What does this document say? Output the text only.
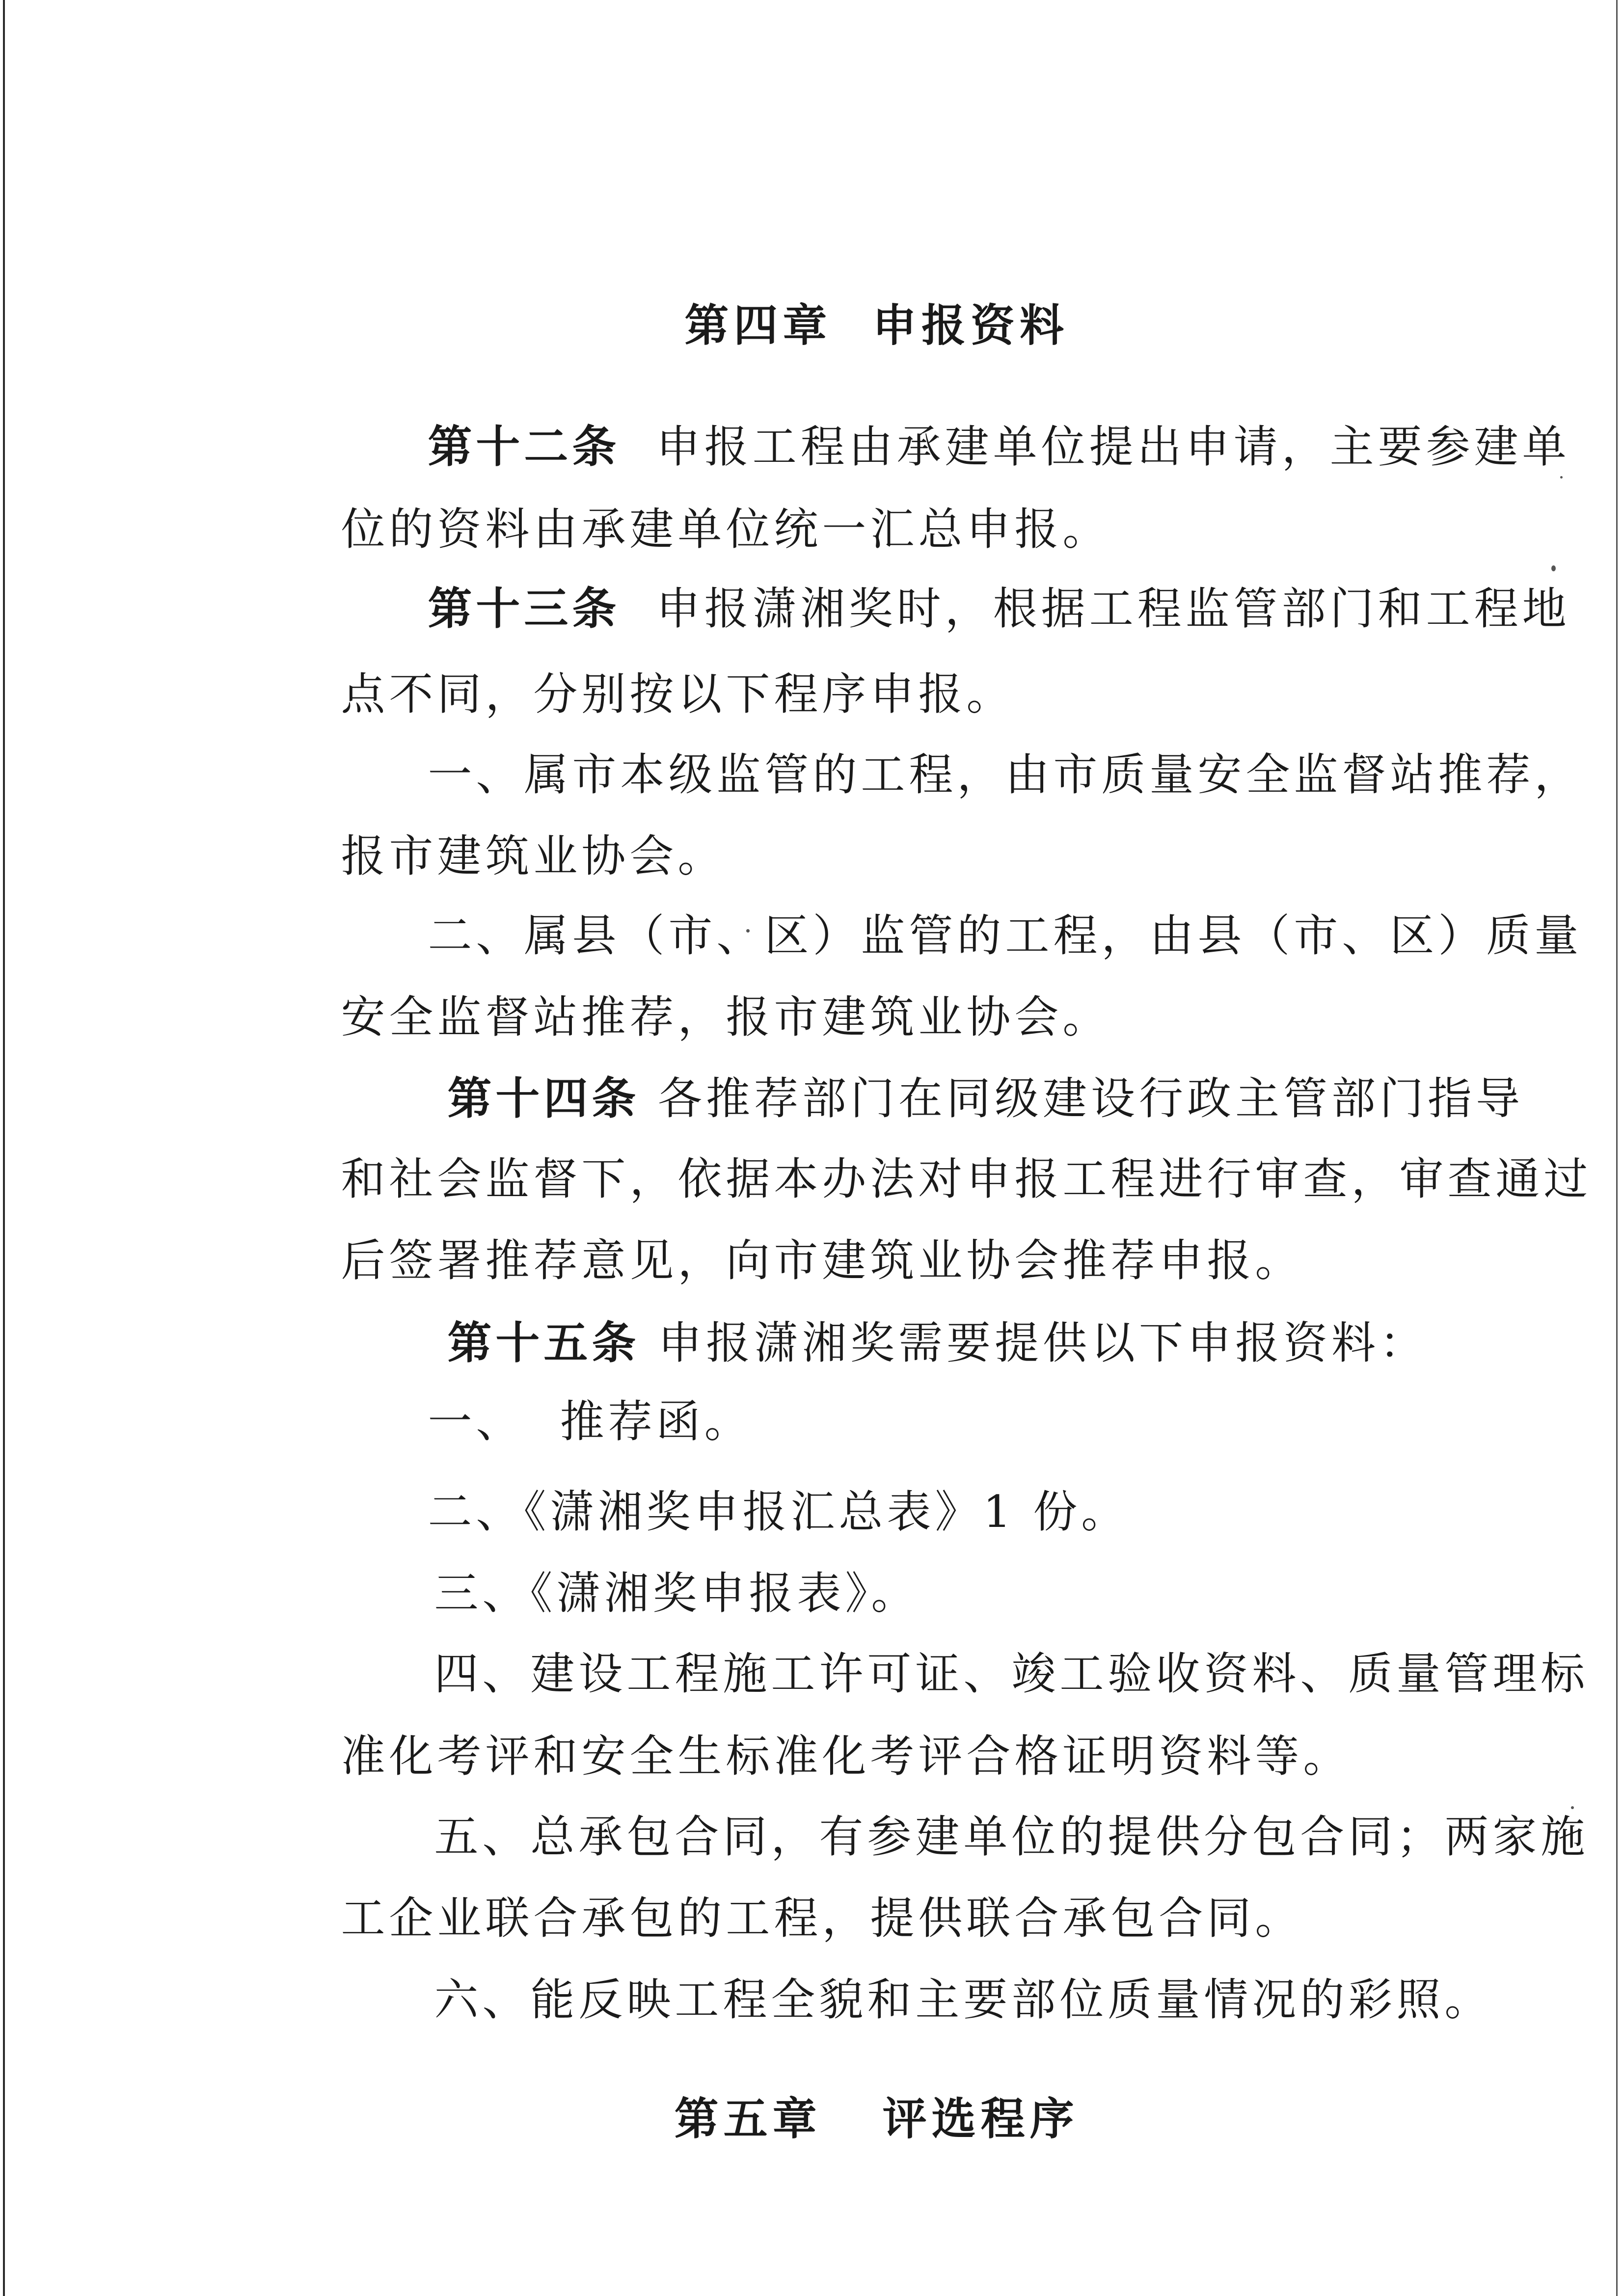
第四章  申报资料

第十二条  申报工程由承建单位提出申请，主要参建单

位的资料由承建单位统一汇总申报。

第十三条  申报潇湘奖时，根据工程监管部门和工程地

点不同，分别按以下程序申报。

一、属市本级监管的工程，由市质量安全监督站推荐，

报市建筑业协会。

二、属县（市、区）监管的工程，由县（市、区）质量

安全监督站推荐，报市建筑业协会。

第十四条 各推荐部门在同级建设行政主管部门指导

和社会监督下，依据本办法对申报工程进行审查，审查通过

后签署推荐意见，向市建筑业协会推荐申报。

第十五条 申报潇湘奖需要提供以下申报资料：

一、  推荐函。

二、《潇湘奖申报汇总表》1 份。

三、《潇湘奖申报表》。

四、建设工程施工许可证、竣工验收资料、质量管理标

准化考评和安全生标准化考评合格证明资料等。

五、总承包合同，有参建单位的提供分包合同；两家施

工企业联合承包的工程，提供联合承包合同。

六、能反映工程全貌和主要部位质量情况的彩照。

第五章   评选程序
